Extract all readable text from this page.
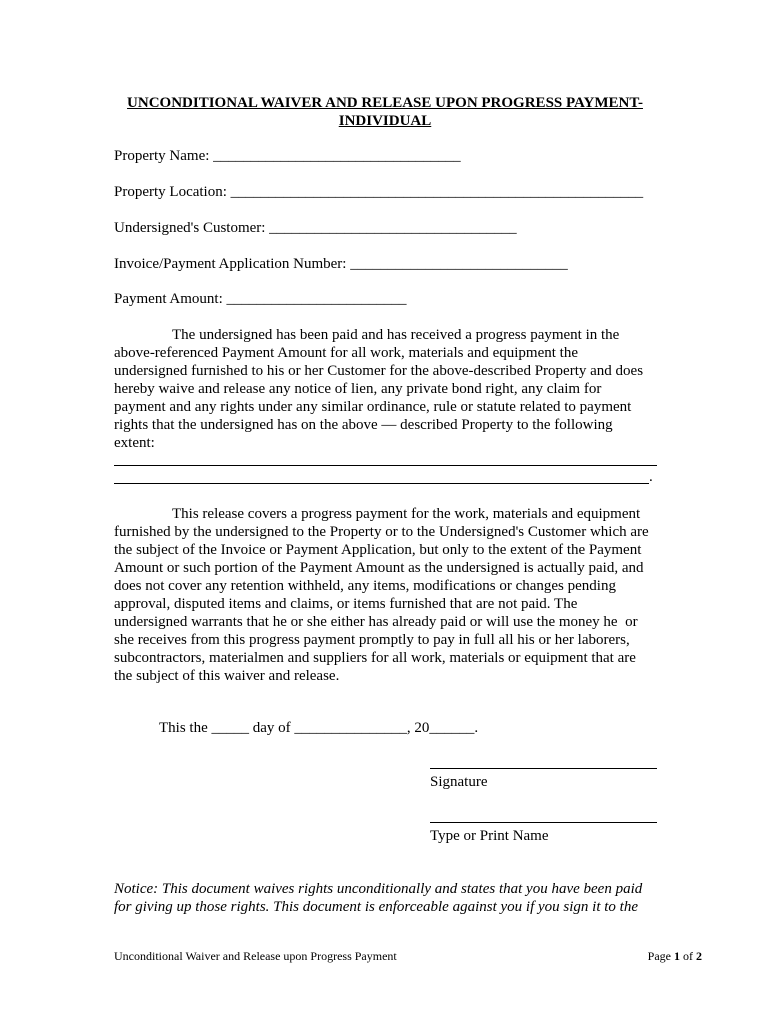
UNCONDITIONAL WAIVER AND RELEASE UPON PROGRESS PAYMENT-
INDIVIDUAL
Property Name: _________________________________
Property Location: _______________________________________________________
Undersigned's Customer: _________________________________
Invoice/Payment Application Number: _____________________________
Payment Amount: ________________________
The undersigned has been paid and has received a progress payment in the
above-referenced Payment Amount for all work, materials and equipment the
undersigned furnished to his or her Customer for the above-described Property and does
hereby waive and release any notice of lien, any private bond right, any claim for
payment and any rights under any similar ordinance, rule or statute related to payment
rights that the undersigned has on the above — described Property to the following
extent:
.
This release covers a progress payment for the work, materials and equipment
furnished by the undersigned to the Property or to the Undersigned's Customer which are
the subject of the Invoice or Payment Application, but only to the extent of the Payment
Amount or such portion of the Payment Amount as the undersigned is actually paid, and
does not cover any retention withheld, any items, modifications or changes pending
approval, disputed items and claims, or items furnished that are not paid. The
undersigned warrants that he or she either has already paid or will use the money he  or
she receives from this progress payment promptly to pay in full all his or her laborers,
subcontractors, materialmen and suppliers for all work, materials or equipment that are
the subject of this waiver and release.
This the _____ day of _______________, 20______.
Signature
Type or Print Name
Notice: This document waives rights unconditionally and states that you have been paid
for giving up those rights. This document is enforceable against you if you sign it to the
Unconditional Waiver and Release upon Progress Payment	Page 1 of 2
